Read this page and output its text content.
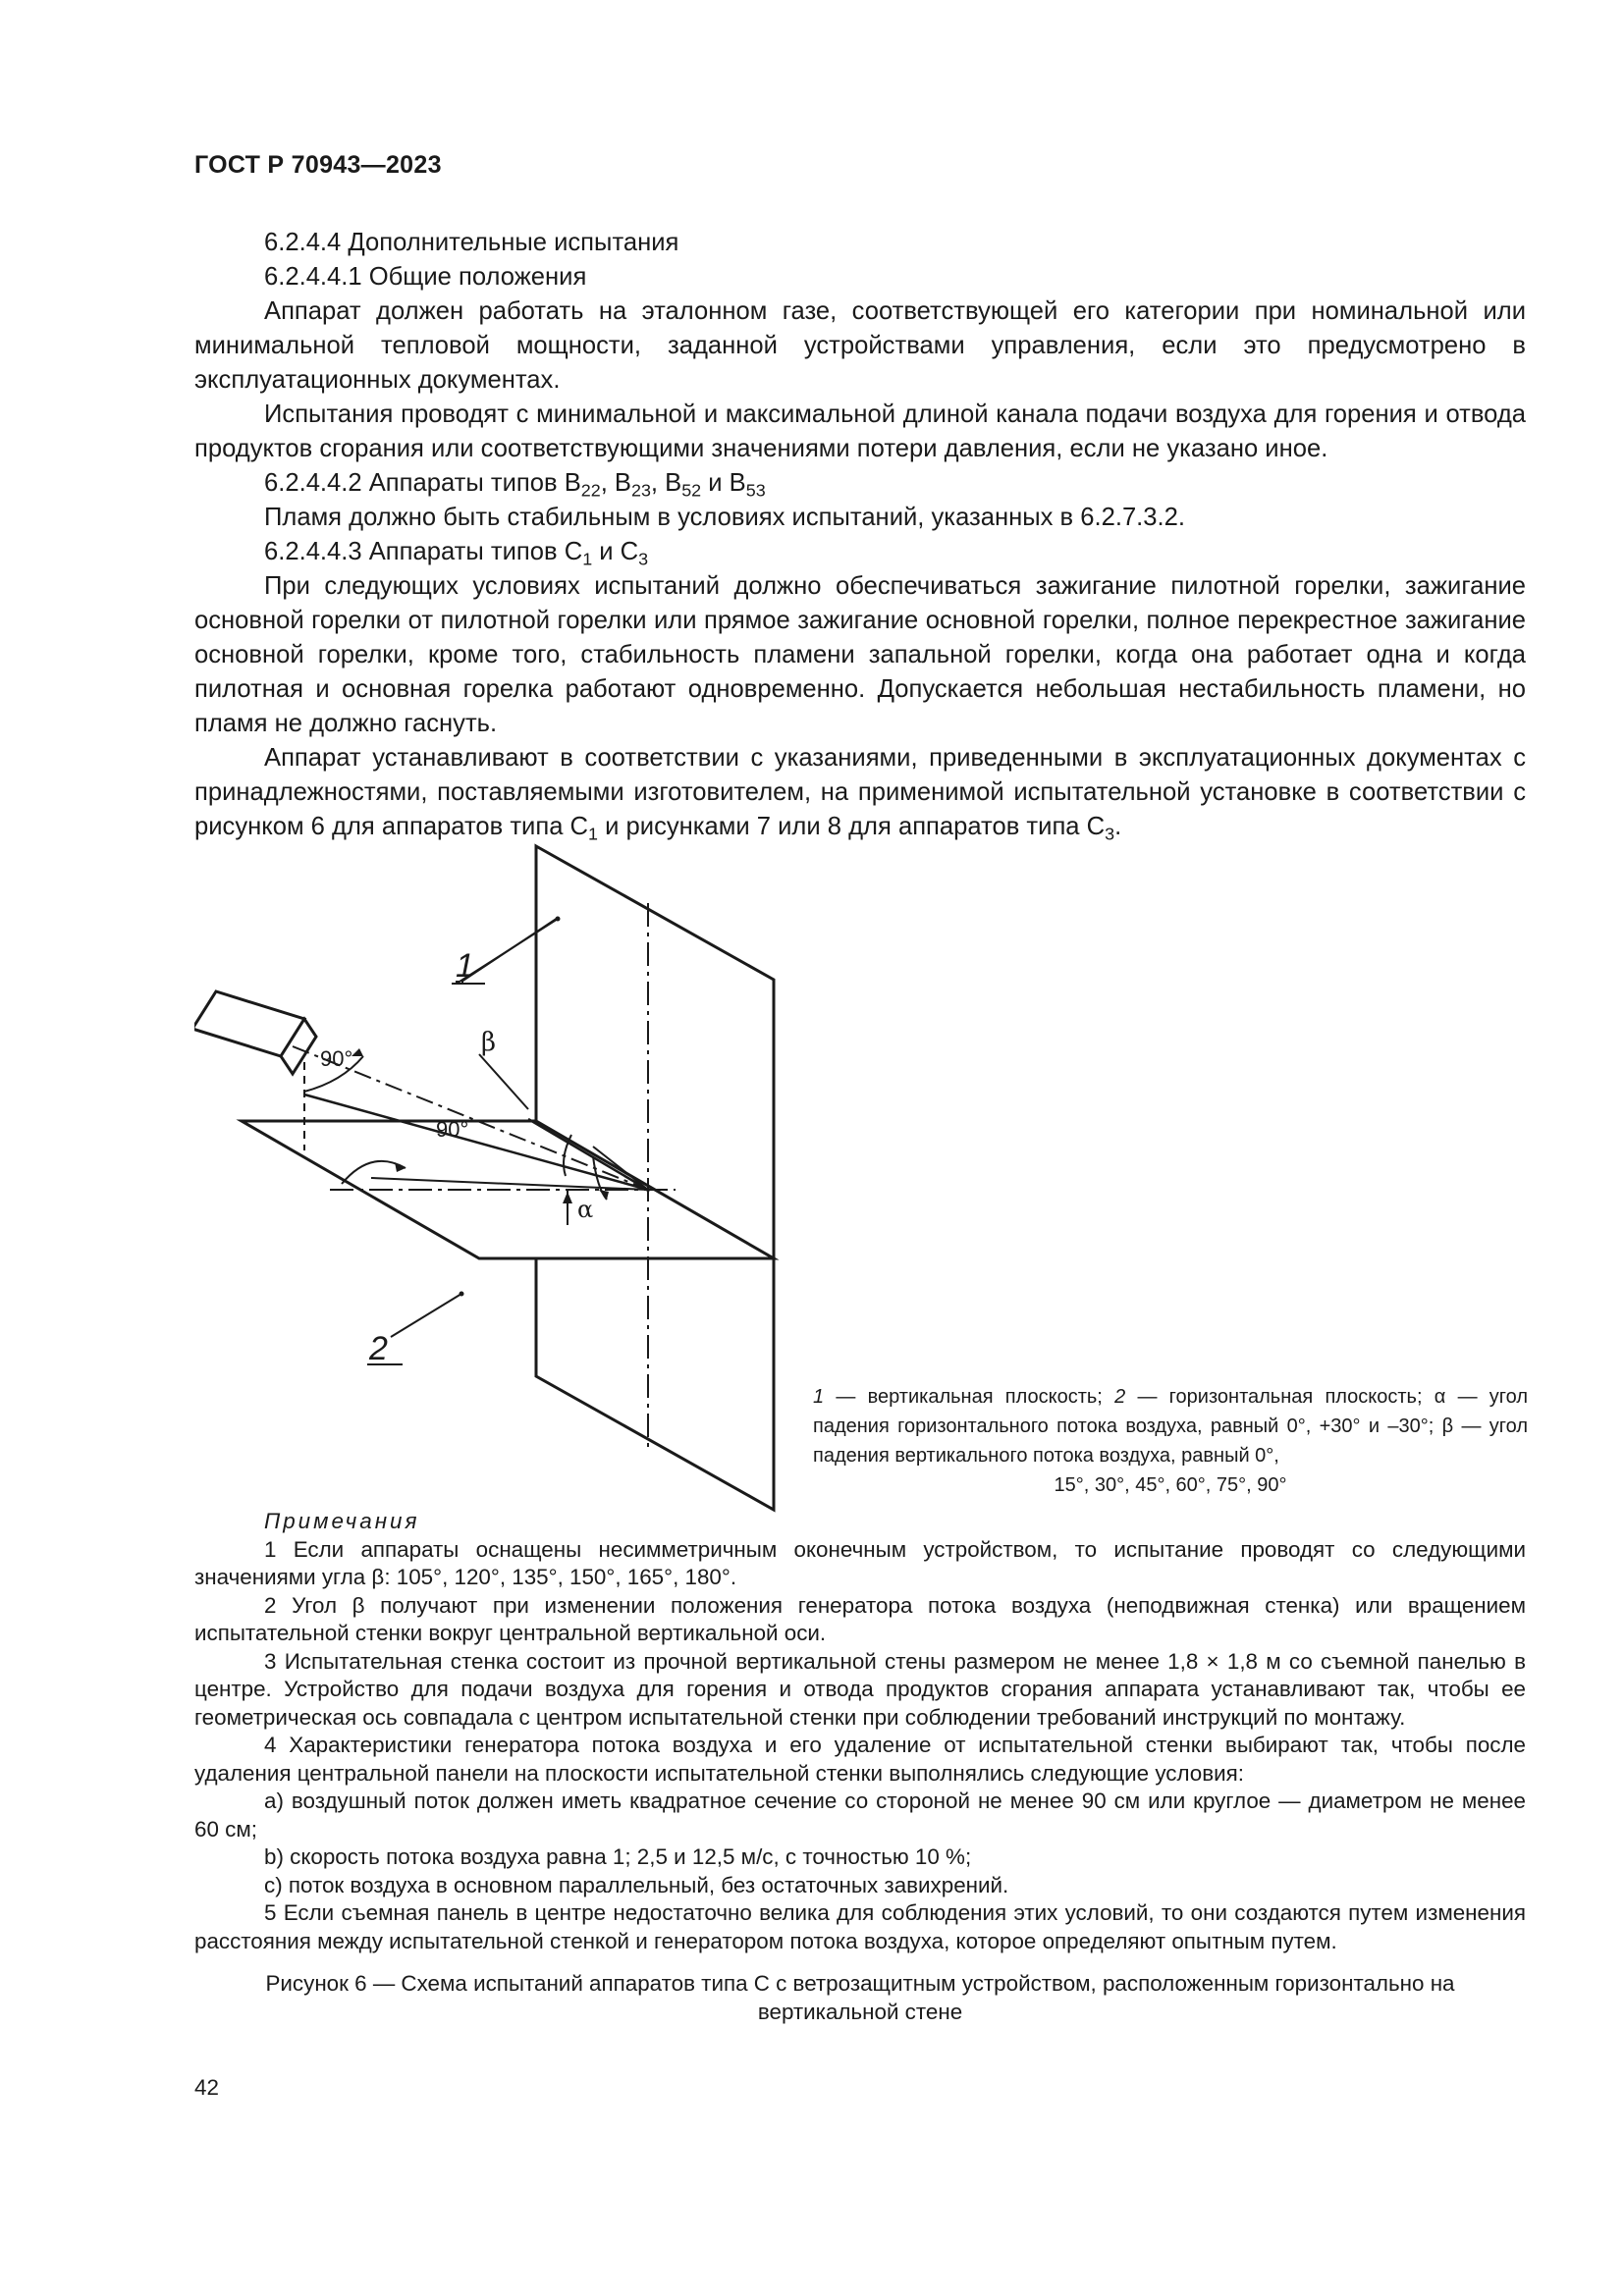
ГОСТ Р 70943—2023

6.2.4.4 Дополнительные испытания

6.2.4.4.1 Общие положения

Аппарат должен работать на эталонном газе, соответствующей его категории при номинальной или минимальной тепловой мощности, заданной устройствами управления, если это предусмотрено в эксплуатационных документах.

Испытания проводят с минимальной и максимальной длиной канала подачи воздуха для горения и отвода продуктов сгорания или соответствующими значениями потери давления, если не указано иное.

6.2.4.4.2 Аппараты типов $B_{22}$, $B_{23}$, $B_{52}$ и $B_{53}$

Пламя должно быть стабильным в условиях испытаний, указанных в 6.2.7.3.2.

6.2.4.4.3 Аппараты типов $C_1$ и $C_3$

При следующих условиях испытаний должно обеспечиваться зажигание пилотной горелки, зажигание основной горелки от пилотной горелки или прямое зажигание основной горелки, полное перекрестное зажигание основной горелки, кроме того, стабильность пламени запальной горелки, когда она работает одна и когда пилотная и основная горелка работают одновременно. Допускается небольшая нестабильность пламени, но пламя не должно гаснуть.

Аппарат устанавливают в соответствии с указаниями, приведенными в эксплуатационных документах с принадлежностями, поставляемыми изготовителем, на применимой испытательной установке в соответствии с рисунком 6 для аппаратов типа $C_1$ и рисунками 7 или 8 для аппаратов типа $C_3$.

1
2
90°
90°
β
α
1 — вертикальная плоскость; 2 — горизонтальная плоскость; α — угол падения горизонтального потока воздуха, равный 0°, +30° и –30°; β — угол падения вертикального потока воздуха, равный 0°,
15°, 30°, 45°, 60°, 75°, 90°

Примечания

1 Если аппараты оснащены несимметричным оконечным устройством, то испытание проводят со следующими значениями угла β: 105°, 120°, 135°, 150°, 165°, 180°.

2 Угол β получают при изменении положения генератора потока воздуха (неподвижная стенка) или вращением испытательной стенки вокруг центральной вертикальной оси.

3 Испытательная стенка состоит из прочной вертикальной стены размером не менее 1,8 × 1,8 м со съемной панелью в центре. Устройство для подачи воздуха для горения и отвода продуктов сгорания аппарата устанавливают так, чтобы ее геометрическая ось совпадала с центром испытательной стенки при соблюдении требований инструкций по монтажу.

4 Характеристики генератора потока воздуха и его удаление от испытательной стенки выбирают так, чтобы после удаления центральной панели на плоскости испытательной стенки выполнялись следующие условия:

a) воздушный поток должен иметь квадратное сечение со стороной не менее 90 см или круглое — диаметром не менее 60 см;

b) скорость потока воздуха равна 1; 2,5 и 12,5 м/с, с точностью 10 %;

c) поток воздуха в основном параллельный, без остаточных завихрений.

5 Если съемная панель в центре недостаточно велика для соблюдения этих условий, то они создаются путем изменения расстояния между испытательной стенкой и генератором потока воздуха, которое определяют опытным путем.

Рисунок 6 — Схема испытаний аппаратов типа C с ветрозащитным устройством, расположенным горизонтально на вертикальной стене
42
